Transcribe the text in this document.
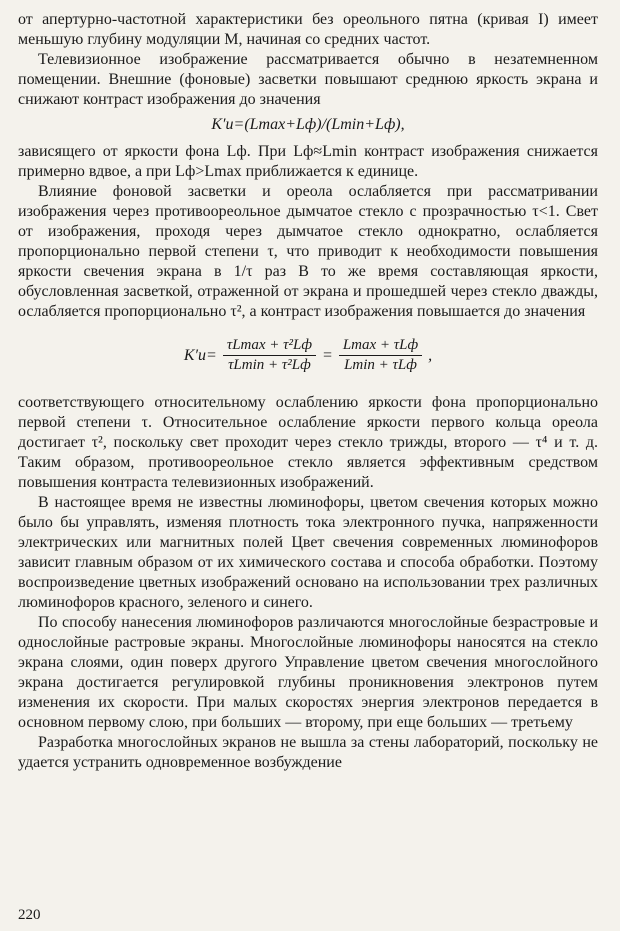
от апертурно-частотной характеристики без ореольного пятна (кривая I) имеет меньшую глубину модуляции M, начиная со средних частот.

Телевизионное изображение рассматривается обычно в незатемненном помещении. Внешние (фоновые) засветки повышают среднюю яркость экрана и снижают контраст изображения до значения

K′и=(Lmax+Lф)/(Lmin+Lф),

зависящего от яркости фона Lф. При Lф≈Lmin контраст изображения снижается примерно вдвое, а при Lф>Lmax приближается к единице.

Влияние фоновой засветки и ореола ослабляется при рассматривании изображения через противоореольное дымчатое стекло с прозрачностью τ<1. Свет от изображения, проходя через дымчатое стекло однократно, ослабляется пропорционально первой степени τ, что приводит к необходимости повышения яркости свечения экрана в 1/τ раз В то же время составляющая яркости, обусловленная засветкой, отраженной от экрана и прошедшей через стекло дважды, ослабляется пропорционально τ², а контраст изображения повышается до значения

$K'и= \frac{\text{τLmax + τ²Lф}}{\text{τLmin + τ²Lф}} = \frac{\text{Lmax + τLф}}{\text{Lmin + τLф}}$ ,

соответствующего относительному ослаблению яркости фона пропорционально первой степени τ. Относительное ослабление яркости первого кольца ореола достигает τ², поскольку свет проходит через стекло трижды, второго — τ⁴ и т. д. Таким образом, противоореольное стекло является эффективным средством повышения контраста телевизионных изображений.

В настоящее время не известны люминофоры, цветом свечения которых можно было бы управлять, изменяя плотность тока электронного пучка, напряженности электрических или магнитных полей Цвет свечения современных люминофоров зависит главным образом от их химического состава и способа обработки. Поэтому воспроизведение цветных изображений основано на использовании трех различных люминофоров красного, зеленого и синего.

По способу нанесения люминофоров различаются многослойные безрастровые и однослойные растровые экраны. Многослойные люминофоры наносятся на стекло экрана слоями, один поверх другого Управление цветом свечения многослойного экрана достигается регулировкой глубины проникновения электронов путем изменения их скорости. При малых скоростях энергия электронов передается в основном первому слою, при больших — второму, при еще больших — третьему

Разработка многослойных экранов не вышла за стены лабораторий, поскольку не удается устранить одновременное возбуждение

220
